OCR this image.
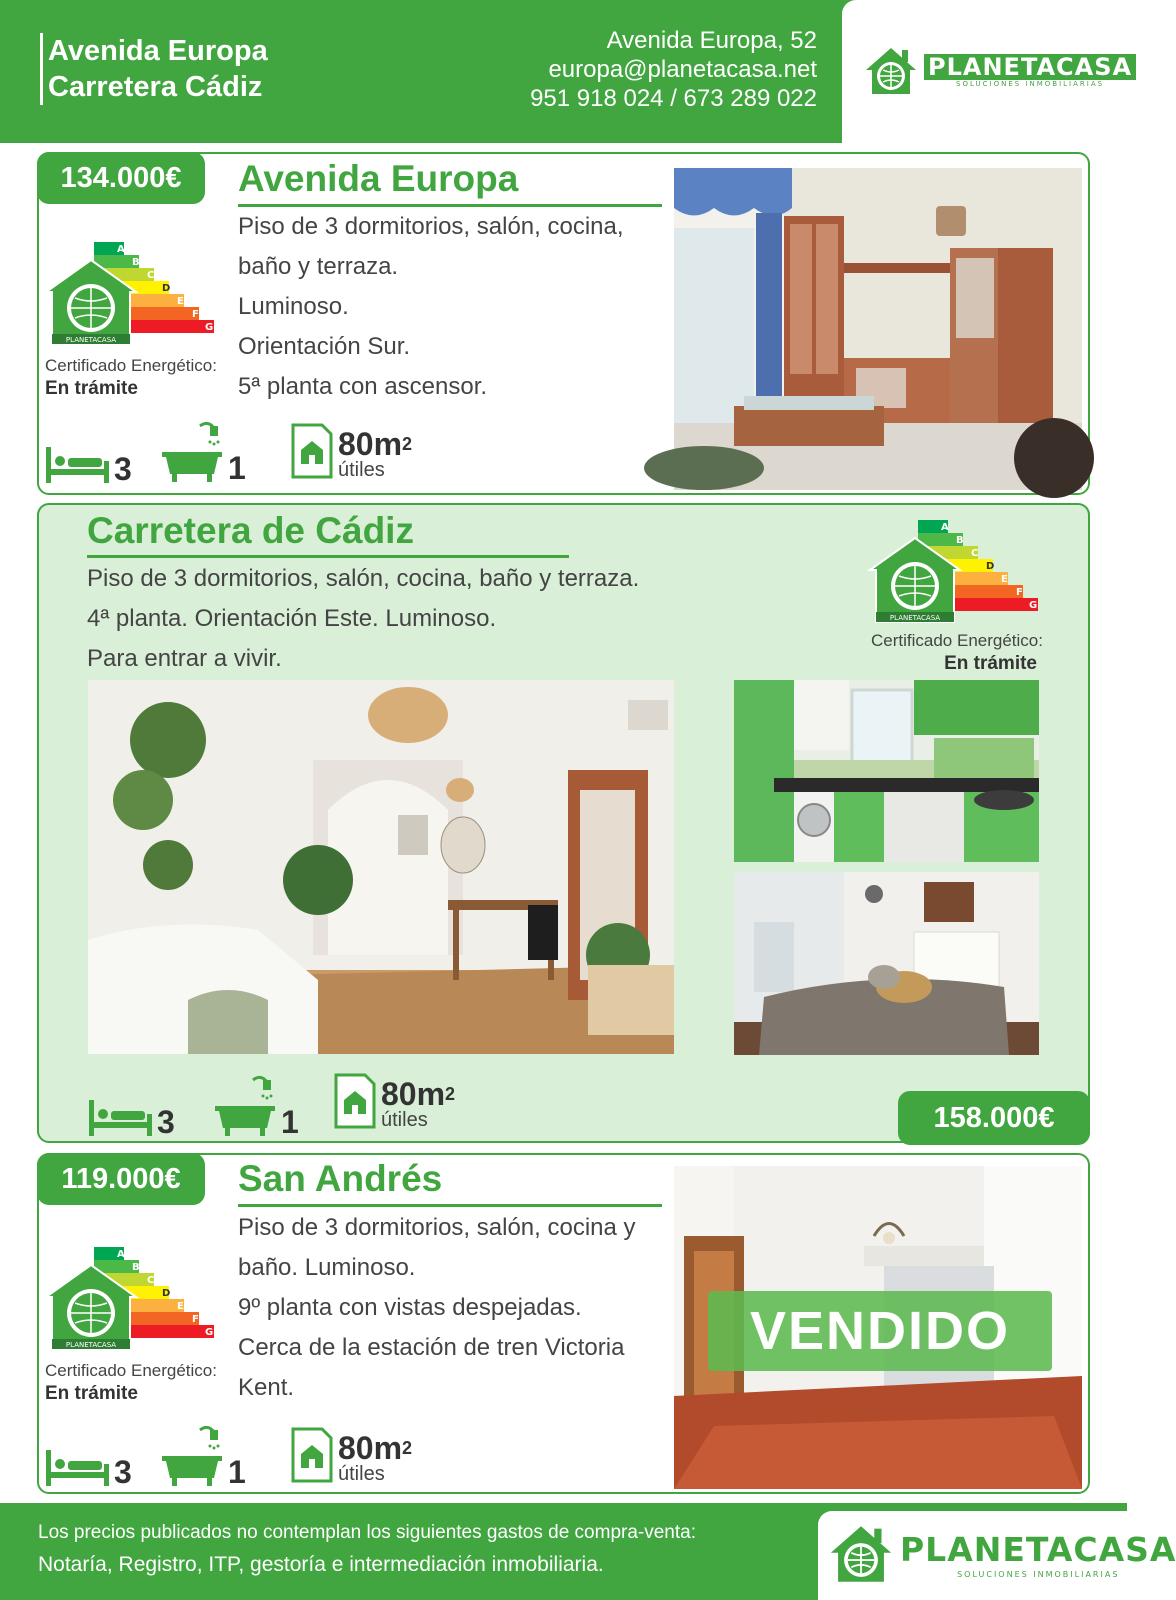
Avenida Europa
Carretera Cádiz
Avenida Europa, 52
europa@planetacasa.net
951 918 024 / 673 289 022
PLANETACASA
SOLUCIONES INMOBILIARIAS
134.000€	Avenida Europa
Piso de 3 dormitorios, salón, cocina,
baño y terraza.
Luminoso.
Orientación Sur.
5ª planta con ascensor.
A
B
C
D
E
F
G
PLANETACASA
Certificado Energético:
En trámite
3	1
$80m^2$
útiles
Carretera de Cádiz
Piso de 3 dormitorios, salón, cocina, baño y terraza.
4ª planta. Orientación Este. Luminoso.
Para entrar a vivir.
A
B
C
D
E
F
G
PLANETACASA
Certificado Energético:
En trámite
3	1
$80m^2$
útiles	158.000€
119.000€	San Andrés
Piso de 3 dormitorios, salón, cocina y
baño. Luminoso.
9º planta con vistas despejadas.
Cerca de la estación de tren Victoria
Kent.
A
B
C
D
E
F
G
PLANETACASA
Certificado Energético:
En trámite
3	1
$80m^2$
útiles
VENDIDO
Los precios publicados no contemplan los siguientes gastos de compra-venta:
Notaría, Registro, ITP, gestoría e intermediación inmobiliaria.	PLANETACASA
SOLUCIONES INMOBILIARIAS
